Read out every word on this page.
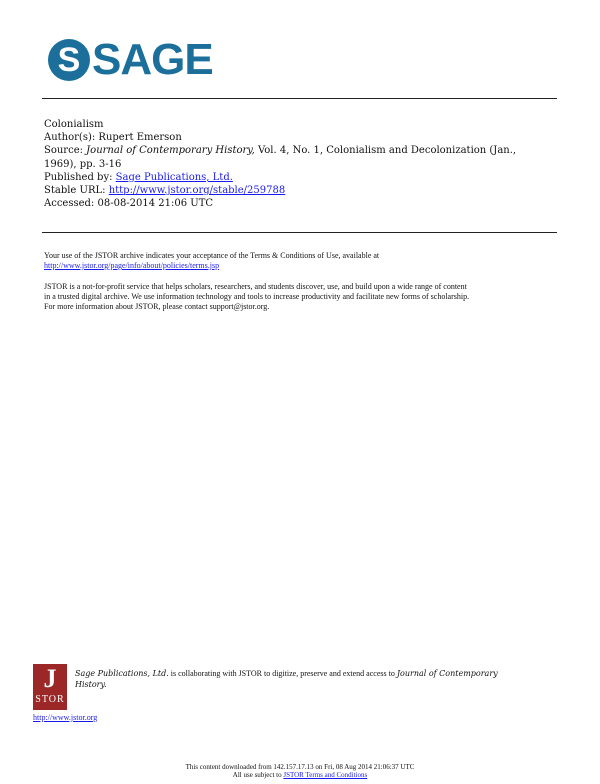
S SAGE
Colonialism
Author(s): Rupert Emerson
Source: Journal of Contemporary History, Vol. 4, No. 1, Colonialism and Decolonization (Jan.,
1969), pp. 3-16
Published by: Sage Publications, Ltd.
Stable URL: http://www.jstor.org/stable/259788
Accessed: 08-08-2014 21:06 UTC
Your use of the JSTOR archive indicates your acceptance of the Terms & Conditions of Use, available at
http://www.jstor.org/page/info/about/policies/terms.jsp
JSTOR is a not-for-profit service that helps scholars, researchers, and students discover, use, and build upon a wide range of content
in a trusted digital archive. We use information technology and tools to increase productivity and facilitate new forms of scholarship.
For more information about JSTOR, please contact support@jstor.org.
J
STOR
Sage Publications, Ltd. is collaborating with JSTOR to digitize, preserve and extend access to Journal of Contemporary
History.
http://www.jstor.org
This content downloaded from 142.157.17.13 on Fri, 08 Aug 2014 21:06:37 UTC
All use subject to JSTOR Terms and Conditions
